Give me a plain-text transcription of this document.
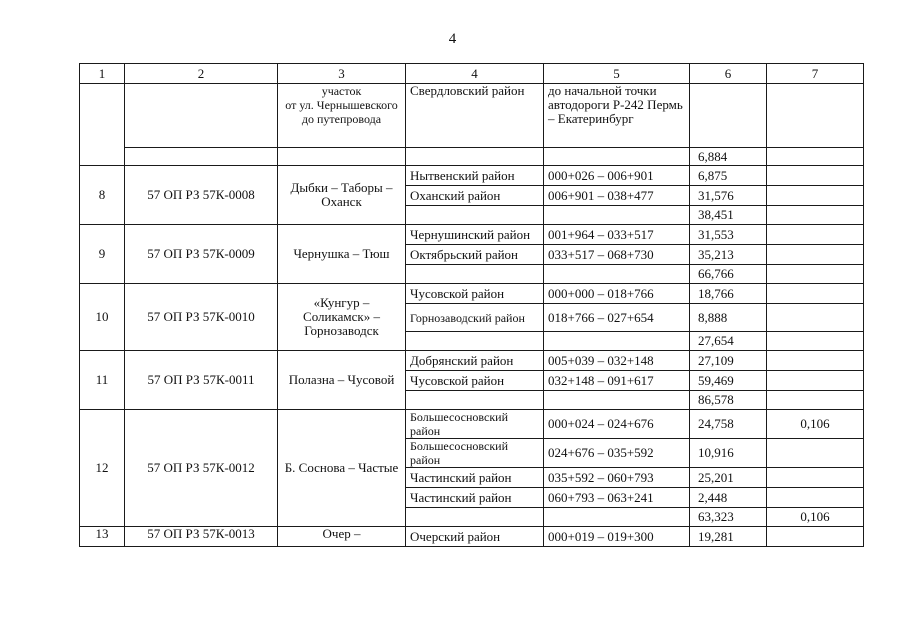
4
1	2	3	4	5	6	7

		участок
от ул. Чернышевского
до путепровода	Свердловский район	до начальной точки автодороги Р-242 Пермь – Екатеринбург		
					6,884	
8	57 ОП РЗ 57К-0008	Дыбки – Таборы – Оханск	Нытвенский район	000+026 – 006+901	6,875	
			Оханский район	006+901 – 038+477	31,576	
					38,451	
9	57 ОП РЗ 57К-0009	Чернушка – Тюш	Чернушинский район	001+964 – 033+517	31,553	
			Октябрьский район	033+517 – 068+730	35,213	
					66,766	
10	57 ОП РЗ 57К-0010	«Кунгур – Соликамск» – Горнозаводск	Чусовской район	000+000 – 018+766	18,766	
			Горнозаводский район	018+766 – 027+654	8,888	
					27,654	
11	57 ОП РЗ 57К-0011	Полазна – Чусовой	Добрянский район	005+039 – 032+148	27,109	
			Чусовской район	032+148 – 091+617	59,469	
					86,578	
12	57 ОП РЗ 57К-0012	Б. Соснова – Частые	Большесосновский район	000+024 – 024+676	24,758	0,106
			Большесосновский район	024+676 – 035+592	10,916	
			Частинский район	035+592 – 060+793	25,201	
			Частинский район	060+793 – 063+241	2,448	
					63,323	0,106
13	57 ОП РЗ 57К-0013	Очер –	Очерский район	000+019 – 019+300	19,281	
